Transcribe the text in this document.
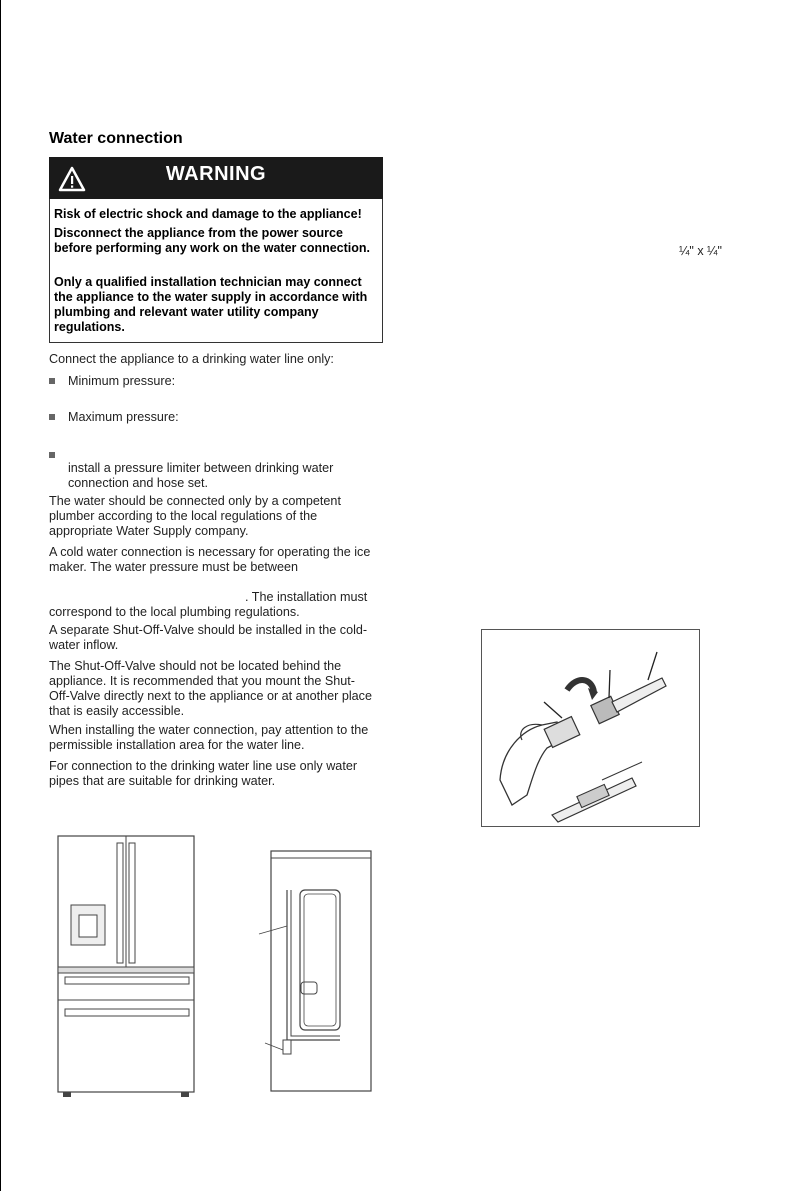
Water connection
WARNING
Risk of electric shock and damage to the appliance!
Disconnect the appliance from the power source before performing any work on the water connection.
Only a qualified installation technician may connect the appliance to the water supply in accordance with plumbing and relevant water utility company regulations.
Connect the appliance to a drinking water line only:
Minimum pressure:
Maximum pressure:
install a pressure limiter between drinking water connection and hose set.
The water should be connected only by a competent plumber according to the local regulations of the appropriate Water Supply company.
A cold water connection is necessary for operating the ice maker. The water pressure must be between
. The installation must correspond to the local plumbing regulations.
A separate Shut-Off-Valve should be installed in the cold-water inflow.
The Shut-Off-Valve should not be located behind the appliance. It is recommended that you mount the Shut-Off-Valve directly next to the appliance or at another place that is easily accessible.
When installing the water connection, pay attention to the permissible installation area for the water line.
For connection to the drinking water line use only water pipes that are suitable for drinking water.
¼" x ¼"
